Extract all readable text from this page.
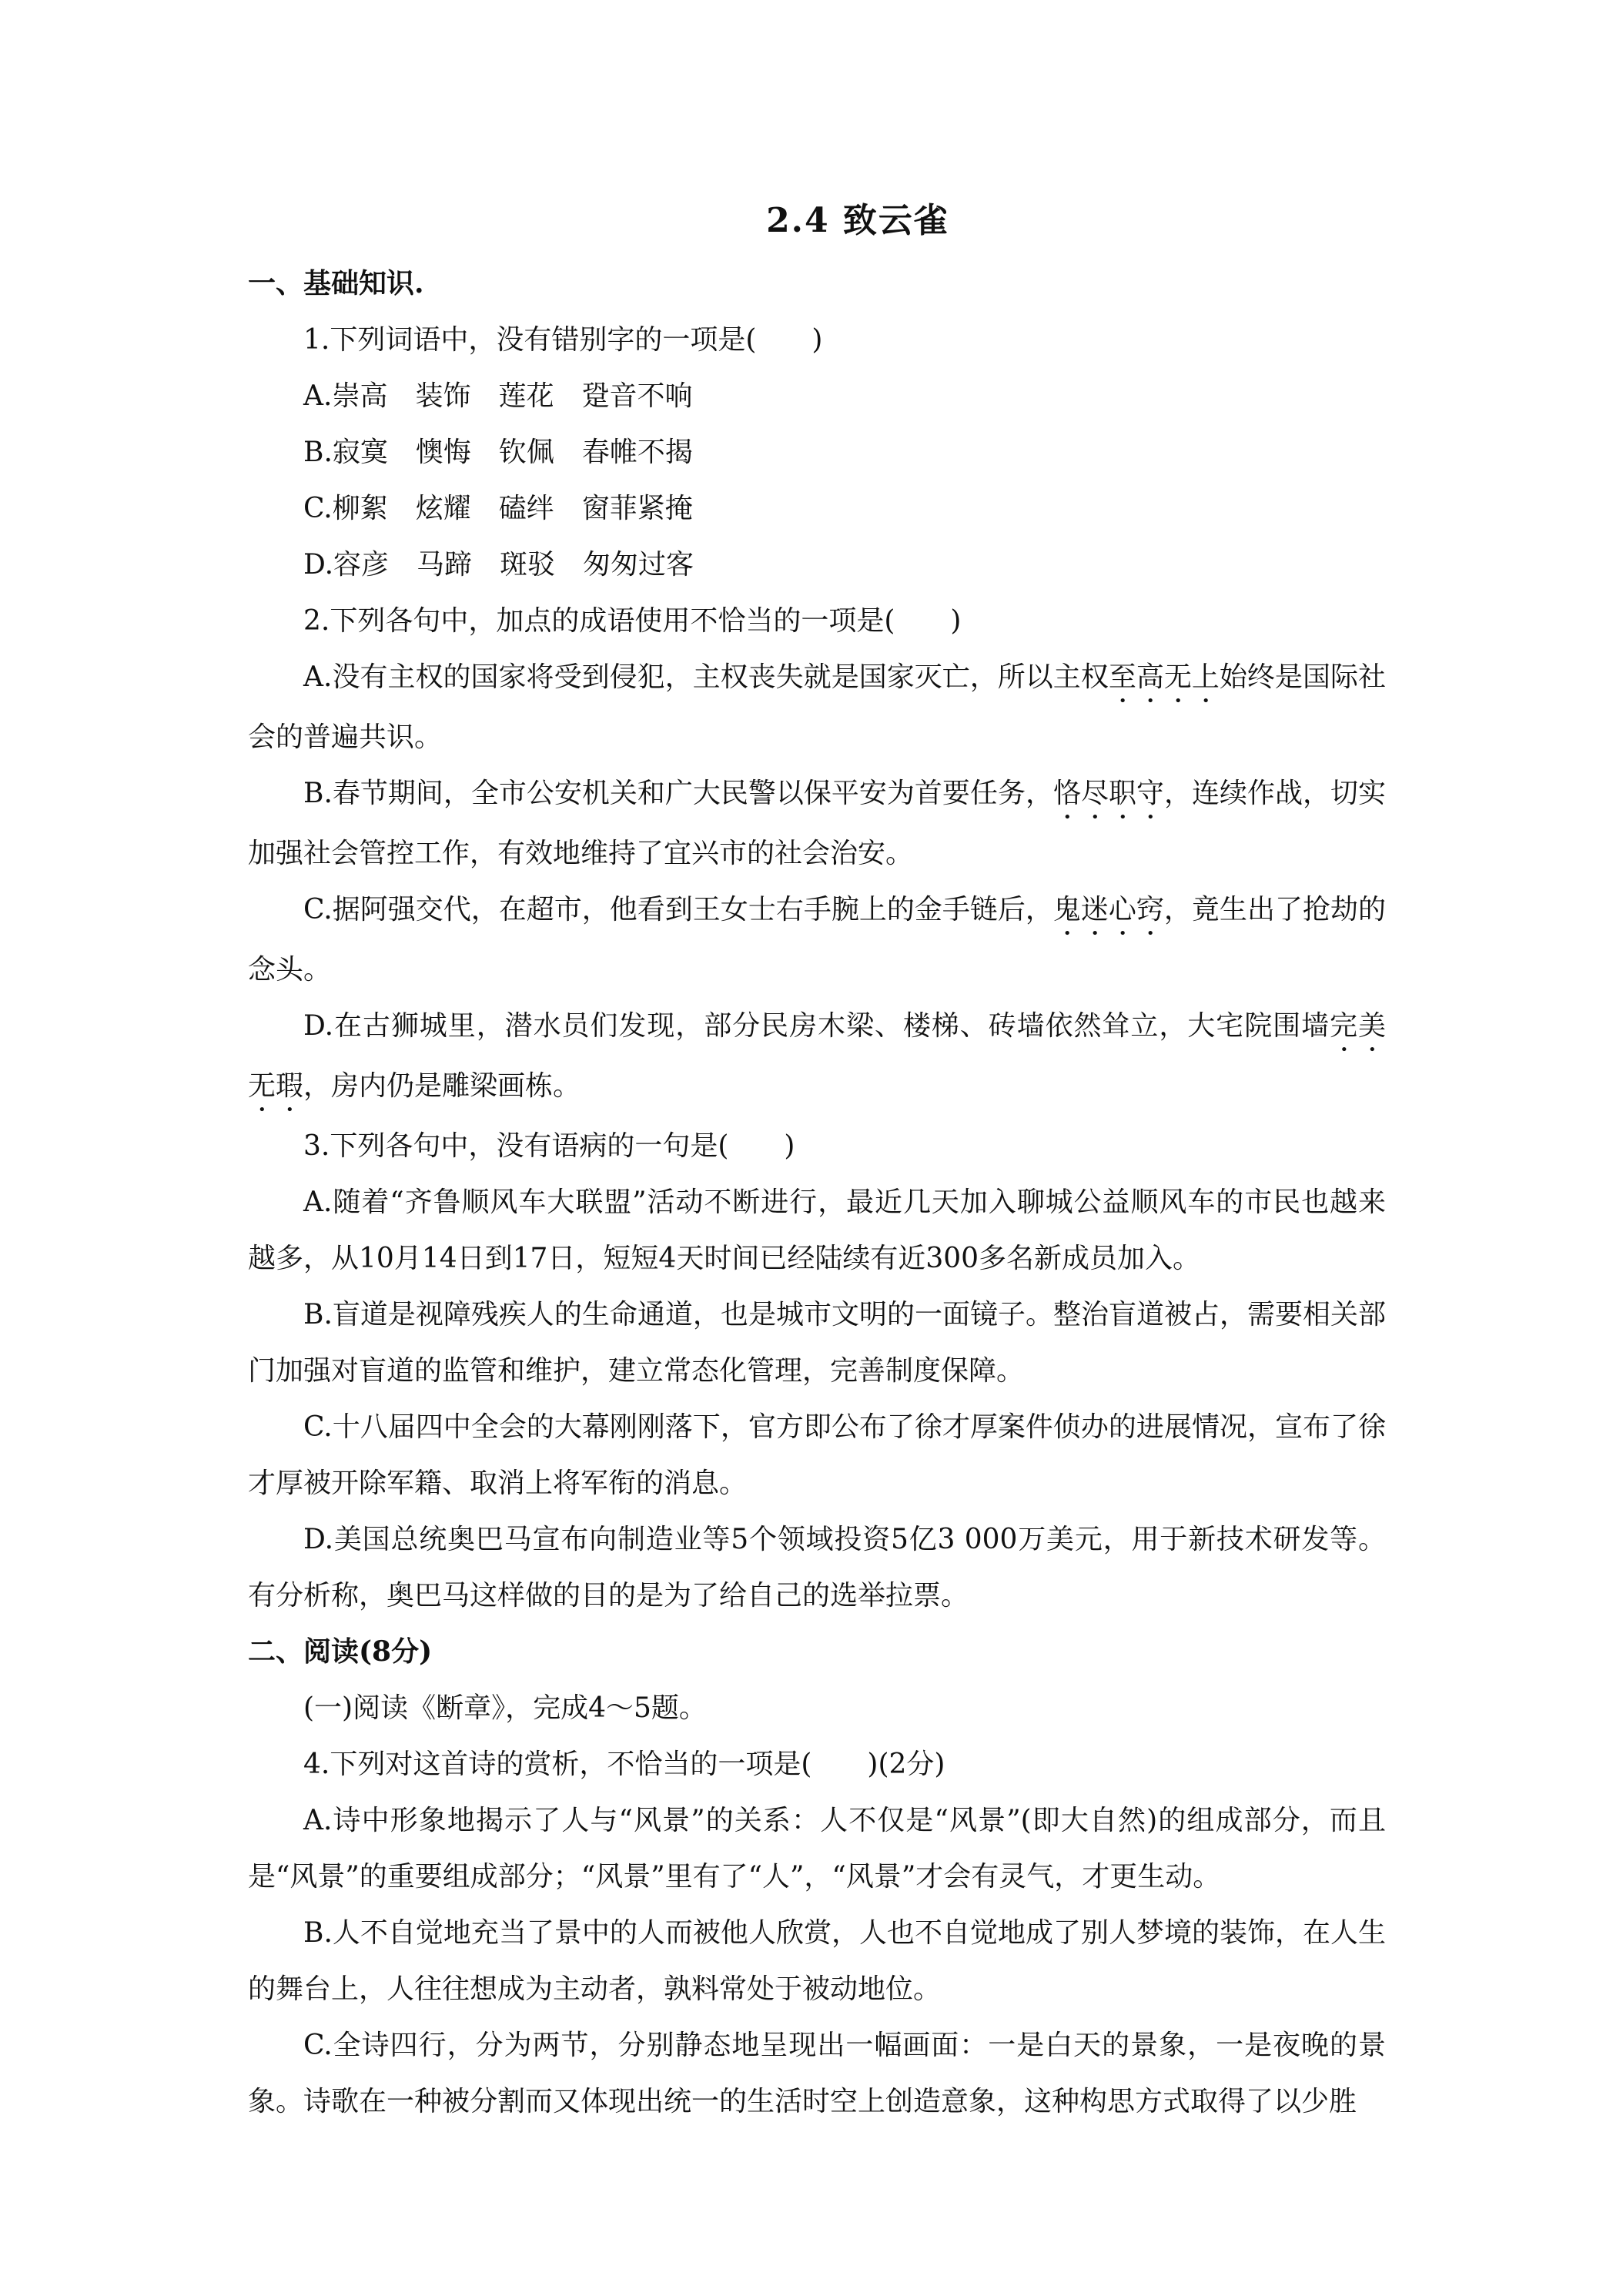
2.4 致云雀

一、基础知识.

1.下列词语中，没有错别字的一项是(　　)

A.崇高　装饰　莲花　跫音不响

B.寂寞　懊悔　钦佩　春帷不揭

C.柳絮　炫耀　磕绊　窗菲紧掩

D.容彦　马蹄　斑驳　匆匆过客

2.下列各句中，加点的成语使用不恰当的一项是(　　)

A.没有主权的国家将受到侵犯，主权丧失就是国家灭亡，所以主权至高无上始终是国际社会的普遍共识。

B.春节期间，全市公安机关和广大民警以保平安为首要任务，恪尽职守，连续作战，切实加强社会管控工作，有效地维持了宜兴市的社会治安。

C.据阿强交代，在超市，他看到王女士右手腕上的金手链后，鬼迷心窍，竟生出了抢劫的念头。

D.在古狮城里，潜水员们发现，部分民房木梁、楼梯、砖墙依然耸立，大宅院围墙完美无瑕，房内仍是雕梁画栋。

3.下列各句中，没有语病的一句是(　　)

A.随着“齐鲁顺风车大联盟”活动不断进行，最近几天加入聊城公益顺风车的市民也越来越多，从10月14日到17日，短短4天时间已经陆续有近300多名新成员加入。

B.盲道是视障残疾人的生命通道，也是城市文明的一面镜子。整治盲道被占，需要相关部门加强对盲道的监管和维护，建立常态化管理，完善制度保障。

C.十八届四中全会的大幕刚刚落下，官方即公布了徐才厚案件侦办的进展情况，宣布了徐才厚被开除军籍、取消上将军衔的消息。

D.美国总统奥巴马宣布向制造业等5个领域投资5亿3 000万美元，用于新技术研发等。有分析称，奥巴马这样做的目的是为了给自己的选举拉票。

二、阅读(8分)

(一)阅读《断章》，完成4～5题。

4.下列对这首诗的赏析，不恰当的一项是(　　)(2分)

A.诗中形象地揭示了人与“风景”的关系：人不仅是“风景”(即大自然)的组成部分，而且是“风景”的重要组成部分；“风景”里有了“人”，“风景”才会有灵气，才更生动。

B.人不自觉地充当了景中的人而被他人欣赏，人也不自觉地成了别人梦境的装饰，在人生的舞台上，人往往想成为主动者，孰料常处于被动地位。

C.全诗四行，分为两节，分别静态地呈现出一幅画面：一是白天的景象，一是夜晚的景象。诗歌在一种被分割而又体现出统一的生活时空上创造意象，这种构思方式取得了以少胜
